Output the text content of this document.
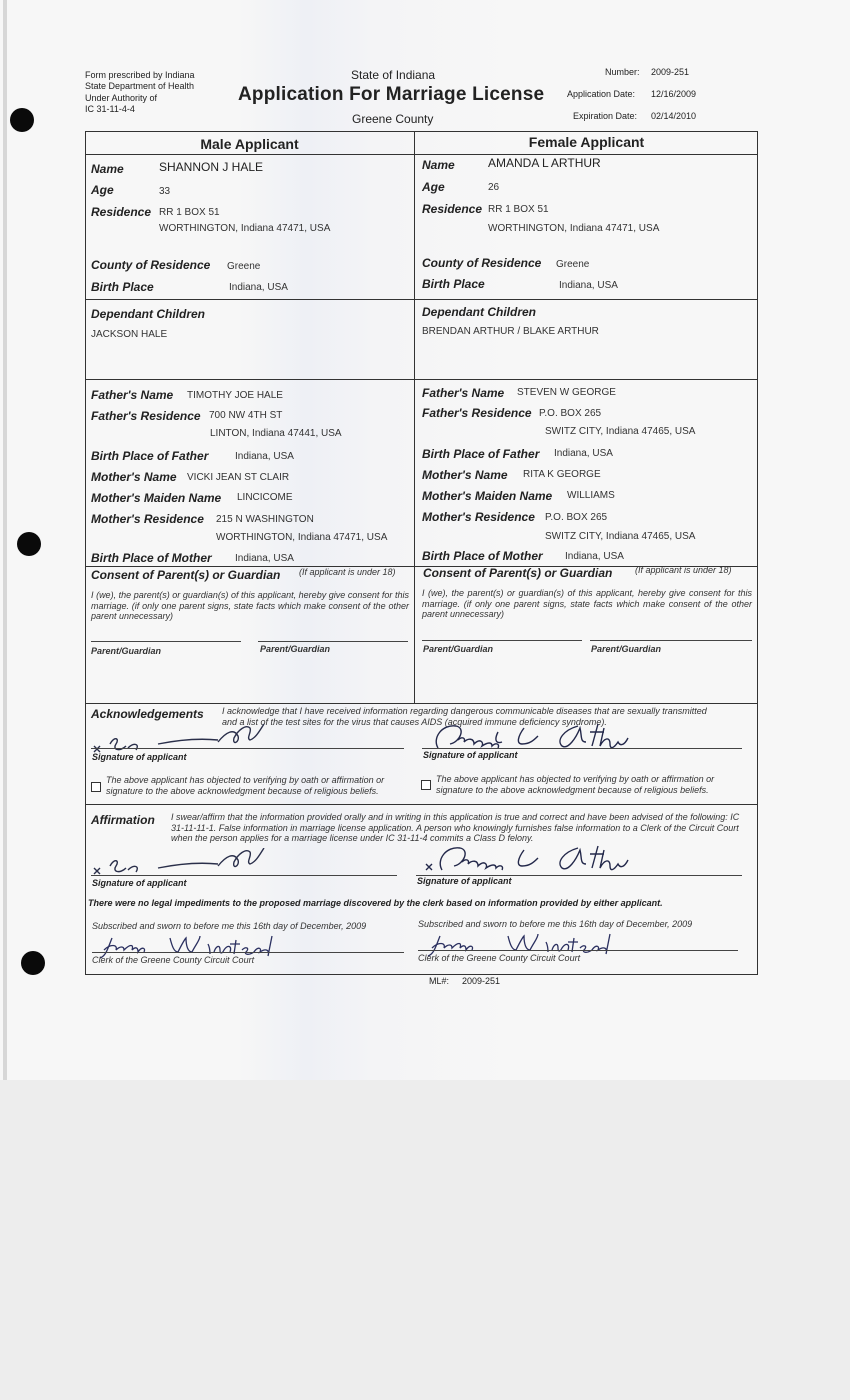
Form prescribed by Indiana
State Department of Health
Under Authority of
IC 31-11-4-4
State of Indiana
Application For Marriage License
Greene County
Number: 2009-251
Application Date: 12/16/2009
Expiration Date: 02/14/2010
Male Applicant	Female Applicant
Name	SHANNON J HALE
Age	33
Residence RR 1 BOX 51
WORTHINGTON, Indiana 47471, USA
County of Residence Greene
Birth Place	Indiana, USA
Dependant Children
JACKSON HALE
Father's Name TIMOTHY JOE HALE
Father's Residence 700 NW 4TH ST
LINTON, Indiana 47441, USA
Birth Place of Father	Indiana, USA
Mother's Name VICKI JEAN ST CLAIR
Mother's Maiden Name LINCICOME
Mother's Residence 215 N WASHINGTON
WORTHINGTON, Indiana 47471, USA
Birth Place of Mother Indiana, USA
Consent of Parent(s) or Guardian (If applicant is under 18)
I (we), the parent(s) or guardian(s) of this applicant, hereby give consent for this marriage. (if only one parent signs, state facts which make consent of the other parent unnecessary)
Parent/Guardian	Parent/Guardian
Name	AMANDA L ARTHUR
Age	26
Residence RR 1 BOX 51
WORTHINGTON, Indiana 47471, USA
County of Residence Greene
Birth Place	Indiana, USA
Dependant Children
BRENDAN ARTHUR / BLAKE ARTHUR
Father's Name STEVEN W GEORGE
Father's Residence P.O. BOX 265
SWITZ CITY, Indiana 47465, USA
Birth Place of Father Indiana, USA
Mother's Name RITA K GEORGE
Mother's Maiden Name WILLIAMS
Mother's Residence P.O. BOX 265
SWITZ CITY, Indiana 47465, USA
Birth Place of Mother Indiana, USA
Consent of Parent(s) or Guardian	(If applicant is under 18)
I (we), the parent(s) or guardian(s) of this applicant, hereby give consent for this marriage. (if only one parent signs, state facts which make consent of the other parent unnecessary)
Parent/Guardian	Parent/Guardian
Acknowledgements I acknowledge that I have received information regarding dangerous communicable diseases that are sexually transmitted and a list of the test sites for the virus that causes AIDS (acquired immune deficiency syndrome).
Signature of applicant	Signature of applicant
The above applicant has objected to verifying by oath or affirmation or signature to the above acknowledgment because of religious beliefs.
The above applicant has objected to verifying by oath or affirmation or signature to the above acknowledgment because of religious beliefs.
Affirmation I swear/affirm that the information provided orally and in writing in this application is true and correct and have been advised of the following: IC 31-11-11-1. False information in marriage license application. A person who knowingly furnishes false information to a Clerk of the Circuit Court when the person applies for a marriage license under IC 31-11-4 commits a Class D felony.
Signature of applicant	Signature of applicant
There were no legal impediments to the proposed marriage discovered by the clerk based on information provided by either applicant.
Subscribed and sworn to before me this 16th day of December, 2009	Subscribed and sworn to before me this 16th day of December, 2009
Clerk of the Greene County Circuit Court	Clerk of the Greene County Circuit Court
ML#: 2009-251
